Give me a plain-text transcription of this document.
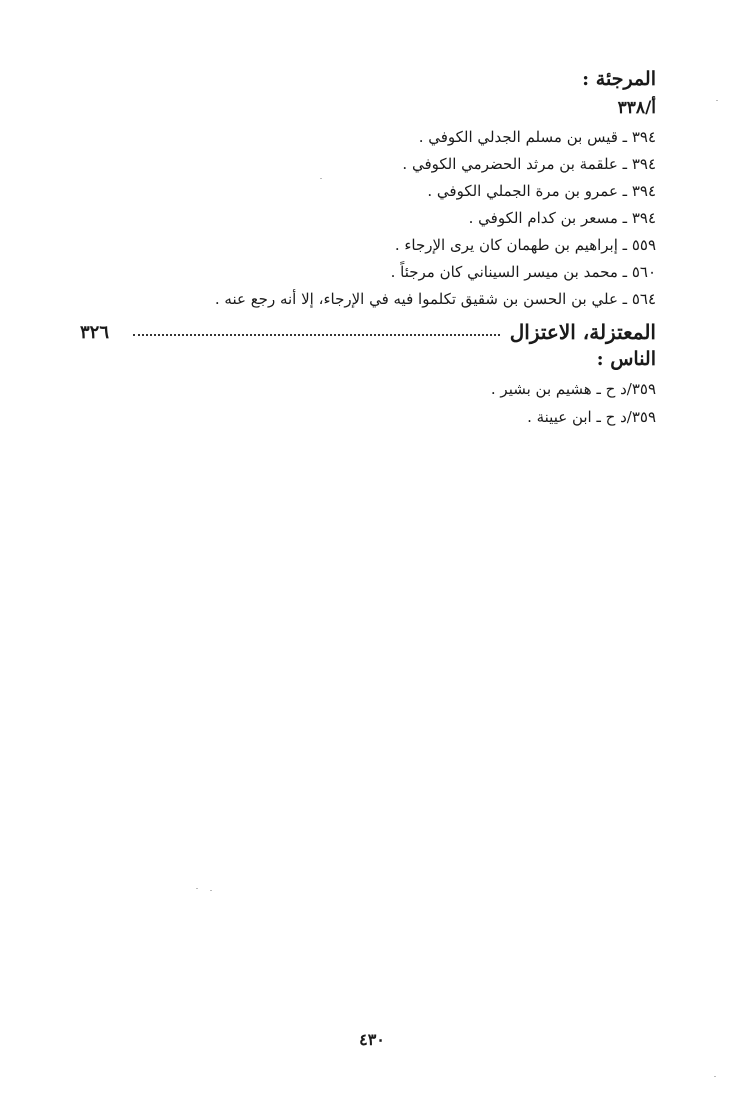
المرجئة :
أ/٣٣٨
٣٩٤ ـ قيس بن مسلم الجدلي الكوفي .
٣٩٤ ـ علقمة بن مرثد الحضرمي الكوفي .
٣٩٤ ـ عمرو بن مرة الجملي الكوفي .
٣٩٤ ـ مسعر بن كدام الكوفي .
٥٥٩ ـ إبراهيم بن طهمان كان يرى الإرجاء .
٥٦٠ ـ محمد بن ميسر السيناني كان مرجئاً .
٥٦٤ ـ علي بن الحسن بن شقيق تكلموا فيه في الإرجاء، إلا أنه رجع عنه .
المعتزلة، الاعتزال
٣٢٦
الناس :
٣٥٩/د ح ـ هشيم بن بشير .
٣٥٩/د ح ـ ابن عيينة .
٤٣٠
